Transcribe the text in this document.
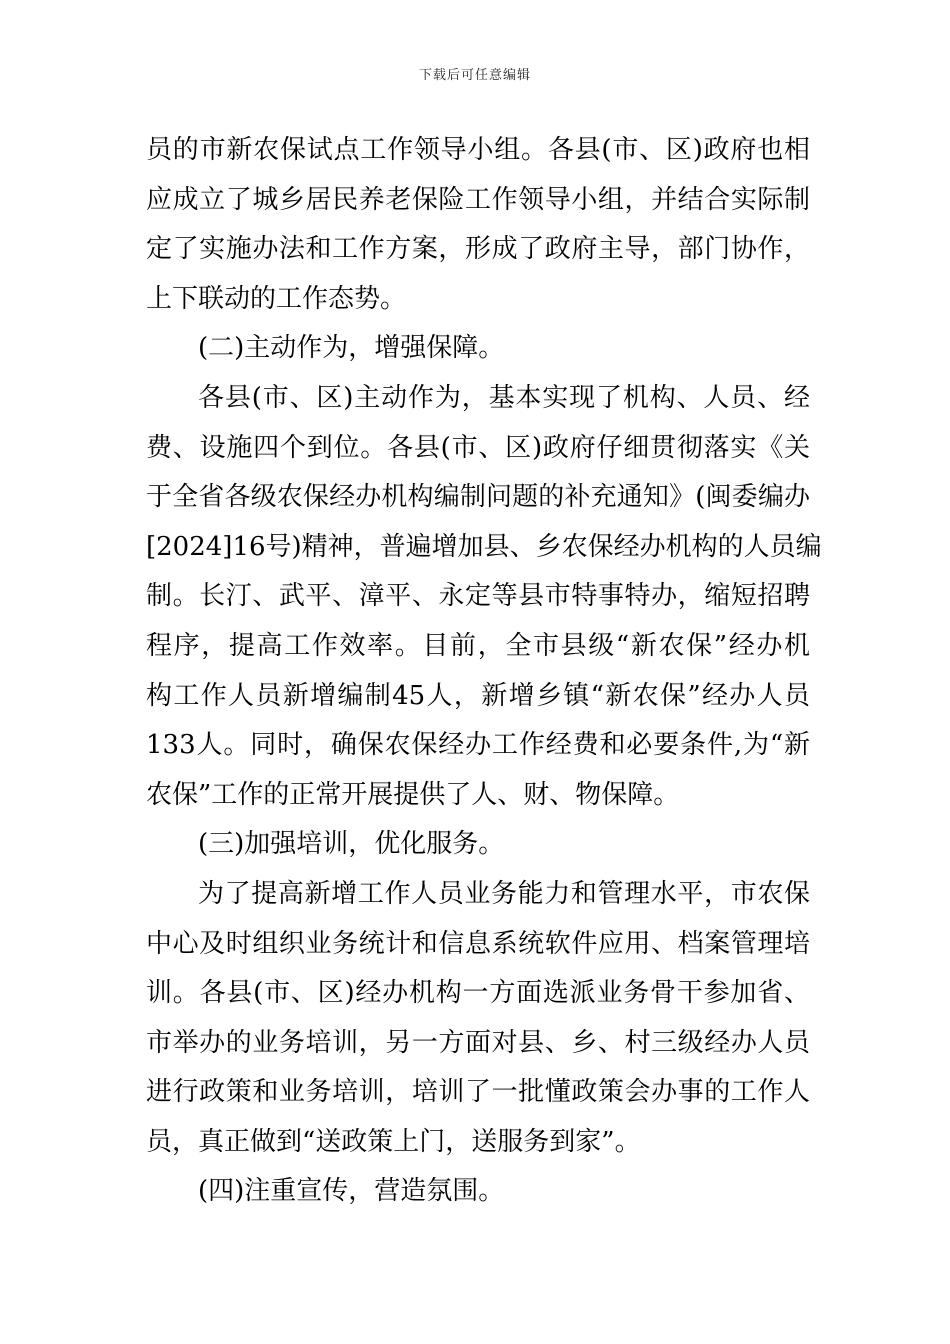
下载后可任意编辑
员的市新农保试点工作领导小组。各县(市、区)政府也相
应成立了城乡居民养老保险工作领导小组，并结合实际制
定了实施办法和工作方案，形成了政府主导，部门协作，
上下联动的工作态势。
(二)主动作为，增强保障。
各县(市、区)主动作为，基本实现了机构、人员、经
费、设施四个到位。各县(市、区)政府仔细贯彻落实《关
于全省各级农保经办机构编制问题的补充通知》(闽委编办
[2024]16号)精神，普遍增加县、乡农保经办机构的人员编
制。长汀、武平、漳平、永定等县市特事特办，缩短招聘
程序，提高工作效率。目前，全市县级“新农保”经办机
构工作人员新增编制45人，新增乡镇“新农保”经办人员
133人。同时，确保农保经办工作经费和必要条件,为“新
农保”工作的正常开展提供了人、财、物保障。
(三)加强培训，优化服务。
为了提高新增工作人员业务能力和管理水平，市农保
中心及时组织业务统计和信息系统软件应用、档案管理培
训。各县(市、区)经办机构一方面选派业务骨干参加省、
市举办的业务培训，另一方面对县、乡、村三级经办人员
进行政策和业务培训，培训了一批懂政策会办事的工作人
员，真正做到“送政策上门，送服务到家”。
(四)注重宣传，营造氛围。
